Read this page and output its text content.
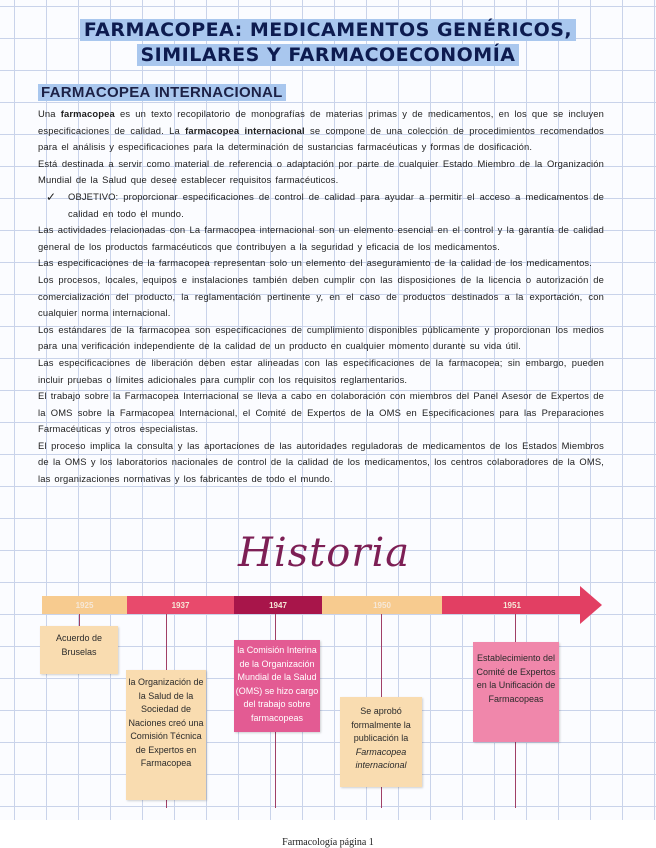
FARMACOPEA: MEDICAMENTOS GENÉRICOS,
SIMILARES Y FARMACOECONOMÍA
FARMACOPEA INTERNACIONAL

Una farmacopea es un texto recopilatorio de monografías de materias primas y de medicamentos, en los que se incluyen especificaciones de calidad. La farmacopea internacional se compone de una colección de procedimientos recomendados para el análisis y especificaciones para la determinación de sustancias farmacéuticas y formas de dosificación.

Está destinada a servir como material de referencia o adaptación por parte de cualquier Estado Miembro de la Organización Mundial de la Salud que desee establecer requisitos farmacéuticos.

✓	OBJETIVO: proporcionar especificaciones de control de calidad para ayudar a permitir el acceso a medicamentos de calidad en todo el mundo.

Las actividades relacionadas con La farmacopea internacional son un elemento esencial en el control y la garantía de calidad general de los productos farmacéuticos que contribuyen a la seguridad y eficacia de los medicamentos.

Las especificaciones de la farmacopea representan solo un elemento del aseguramiento de la calidad de los medicamentos.

Los procesos, locales, equipos e instalaciones también deben cumplir con las disposiciones de la licencia o autorización de comercialización del producto, la reglamentación pertinente y, en el caso de productos destinados a la exportación, con cualquier norma internacional.

Los estándares de la farmacopea son especificaciones de cumplimiento disponibles públicamente y proporcionan los medios para una verificación independiente de la calidad de un producto en cualquier momento durante su vida útil.

Las especificaciones de liberación deben estar alineadas con las especificaciones de la farmacopea; sin embargo, pueden incluir pruebas o límites adicionales para cumplir con los requisitos reglamentarios.

El trabajo sobre la Farmacopea Internacional se lleva a cabo en colaboración con miembros del Panel Asesor de Expertos de la OMS sobre la Farmacopea Internacional, el Comité de Expertos de la OMS en Especificaciones para las Preparaciones Farmacéuticas y otros especialistas.

El proceso implica la consulta y las aportaciones de las autoridades reguladoras de medicamentos de los Estados Miembros de la OMS y los laboratorios nacionales de control de la calidad de los medicamentos, los centros colaboradores de la OMS, las organizaciones normativas y los fabricantes de todo el mundo.

Historia
1925	1937	1947	1950	1951
Acuerdo de Bruselas
la Organización de la Salud de la Sociedad de Naciones creó una Comisión Técnica de Expertos en Farmacopea
la Comisión Interina de la Organización Mundial de la Salud (OMS) se hizo cargo del trabajo sobre farmacopeas
Se aprobó formalmente la publicación la Farmacopea internacional
Establecimiento del Comité de Expertos en la Unificación de Farmacopeas
Farmacología página 1
